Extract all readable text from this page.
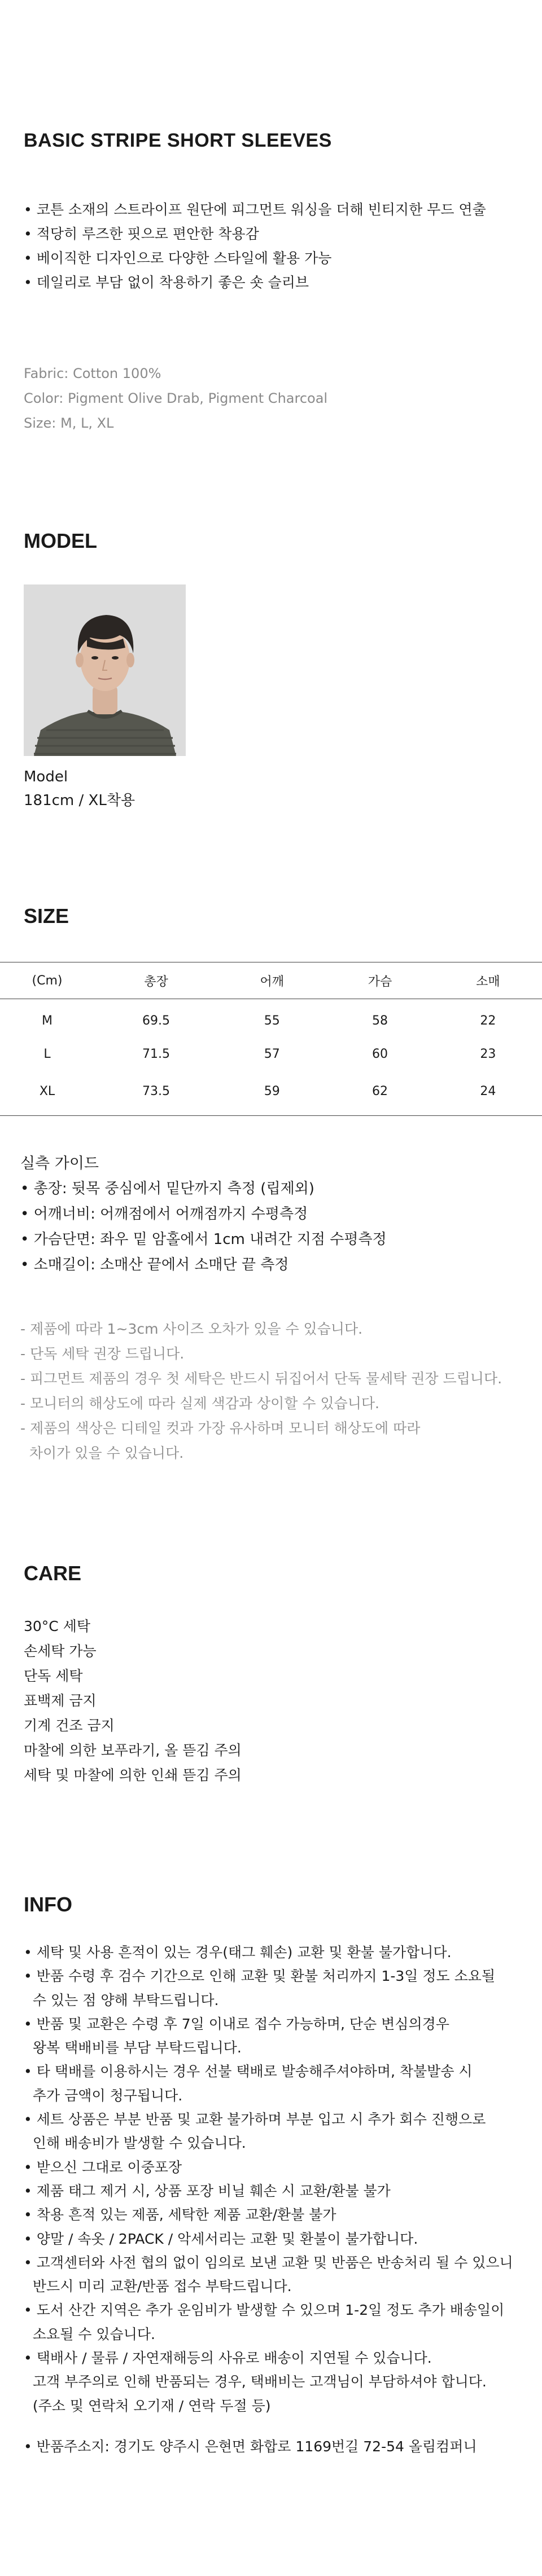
BASIC STRIPE SHORT SLEEVES
• 코튼 소재의 스트라이프 원단에 피그먼트 워싱을 더해 빈티지한 무드 연출
• 적당히 루즈한 핏으로 편안한 착용감
• 베이직한 디자인으로 다양한 스타일에 활용 가능
• 데일리로 부담 없이 착용하기 좋은 숏 슬리브
Fabric: Cotton 100%
Color: Pigment Olive Drab, Pigment Charcoal
Size: M, L, XL
MODEL
Model
181cm / XL착용
SIZE
(Cm)	총장	어깨	가슴	소매
M	69.5	55	58	22
L	71.5	57	60	23
XL	73.5	59	62	24
실측 가이드
• 총장: 뒷목 중심에서 밑단까지 측정 (립제외)
• 어깨너비: 어깨점에서 어깨점까지 수평측정
• 가슴단면: 좌우 밑 암홀에서 1cm 내려간 지점 수평측정
• 소매길이: 소매산 끝에서 소매단 끝 측정
- 제품에 따라 1~3cm 사이즈 오차가 있을 수 있습니다.
- 단독 세탁 권장 드립니다.
- 피그먼트 제품의 경우 첫 세탁은 반드시 뒤집어서 단독 물세탁 권장 드립니다.
- 모니터의 해상도에 따라 실제 색감과 상이할 수 있습니다.
- 제품의 색상은 디테일 컷과 가장 유사하며 모니터 해상도에 따라
차이가 있을 수 있습니다.
CARE
30°C 세탁
손세탁 가능
단독 세탁
표백제 금지
기계 건조 금지
마찰에 의한 보푸라기, 올 뜯김 주의
세탁 및 마찰에 의한 인쇄 뜯김 주의
INFO
• 세탁 및 사용 흔적이 있는 경우(태그 훼손) 교환 및 환불 불가합니다.
• 반품 수령 후 검수 기간으로 인해 교환 및 환불 처리까지 1-3일 정도 소요될
수 있는 점 양해 부탁드립니다.
• 반품 및 교환은 수령 후 7일 이내로 접수 가능하며, 단순 변심의경우
왕복 택배비를 부담 부탁드립니다.
• 타 택배를 이용하시는 경우 선불 택배로 발송해주셔야하며, 착불발송 시
추가 금액이 청구됩니다.
• 세트 상품은 부분 반품 및 교환 불가하며 부분 입고 시 추가 회수 진행으로
인해 배송비가 발생할 수 있습니다.
• 받으신 그대로 이중포장
• 제품 태그 제거 시, 상품 포장 비닐 훼손 시 교환/환불 불가
• 착용 흔적 있는 제품, 세탁한 제품 교환/환불 불가
• 양말 / 속옷 / 2PACK / 악세서리는 교환 및 환불이 불가합니다.
• 고객센터와 사전 협의 없이 임의로 보낸 교환 및 반품은 반송처리 될 수 있으니
반드시 미리 교환/반품 접수 부탁드립니다.
• 도서 산간 지역은 추가 운임비가 발생할 수 있으며 1-2일 정도 추가 배송일이
소요될 수 있습니다.
• 택배사 / 물류 / 자연재해등의 사유로 배송이 지연될 수 있습니다.
고객 부주의로 인해 반품되는 경우, 택배비는 고객님이 부담하셔야 합니다.
(주소 및 연락처 오기재 / 연락 두절 등)
• 반품주소지: 경기도 양주시 은현면 화합로 1169번길 72-54 올림컴퍼니
